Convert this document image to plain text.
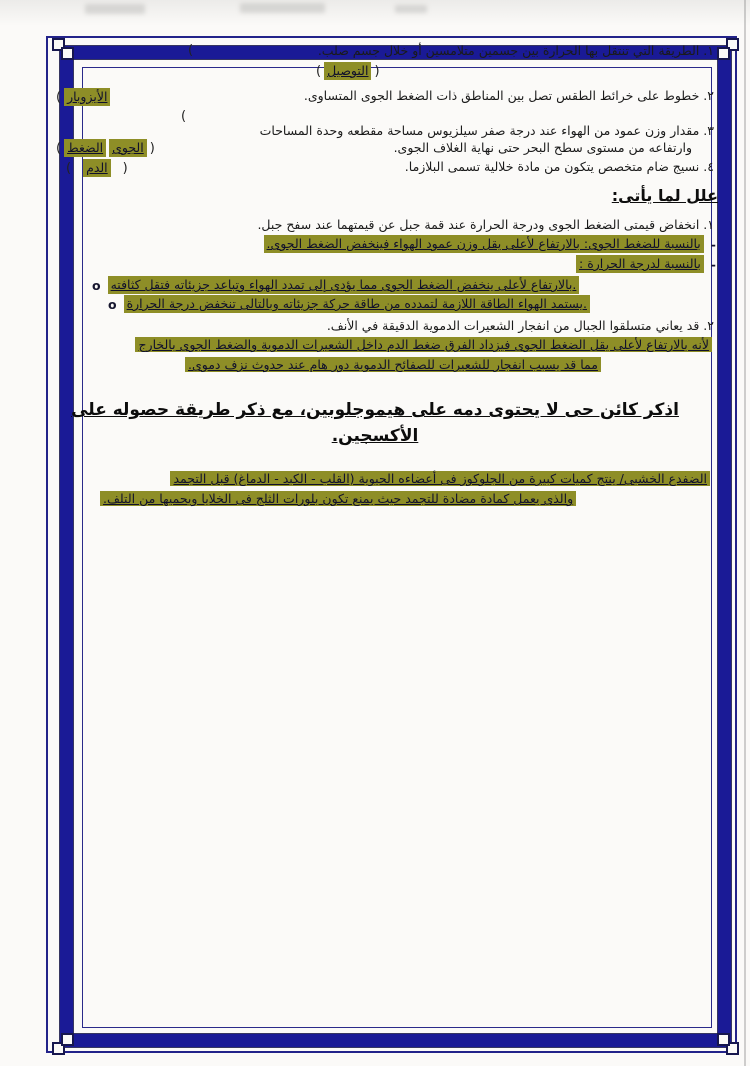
(	١.الطريقة التي تنتقل بها الحرارة بين جسمين متلامسين أو خلال جسم صلب.
( التوصيل )
٢.خطوط على خرائط الطقس تصل بين المناطق ذات الضغط الجوى المتساوى.
( الأيزوبار
(
٣.مقدار وزن عمود من الهواء عند درجة صفر سيلزيوس مساحة مقطعه وحدة المساحات
وارتفاعه من مستوى سطح البحر حتى نهاية الغلاف الجوى.
( الضغط الجوى )
٤.نسيج ضام متخصص يتكون من مادة خلالية تسمى البلازما.
( الدم )
علل لما يأتى:
١.انخفاض قيمتى الضغط الجوى ودرجة الحرارة عند قمة جبل عن قيمتهما عند سفح جبل.
-
بالنسبة للضغط الجوى: بالارتفاع لأعلى يقل وزن عمود الهواء فينخفض الضغط الجوى.
-
بالنسبة لدرجة الحرارة :
o بالارتفاع لأعلى ينخفض الضغط الجوى مما يؤدى إلى تمدد الهواء وتباعد جزيئاته فتقل كثافته.
o يستمد الهواء الطاقة اللازمة لتمدده من طاقة حركة جزيئاته وبالتالى تنخفض درجة الحرارة.
٢.قد يعاني متسلقوا الجبال من انفجار الشعيرات الدموية الدقيقة في الأنف.
لأنه بالارتفاع لأعلى يقل الضغط الجوى فيزداد الفرق ضغط الدم داخل الشعيرات الدموية والضغط الجوى بالخارج
مما قد يسبب انفجار للشعيرات للصفائح الدموية دور هام عند حدوث نزف دموى.
اذكر كائن حى لا يحتوى دمه على هيموجلوبين، مع ذكر طريقة حصوله على الأكسجين.
الضفدع الخشبى/ ينتج كميات كبيرة من الجلوكوز فى أعضاءه الحيوية (القلب - الكبد - الدماغ) قبل التجمد
والذى يعمل كمادة مضادة للتجمد حيث يمنع تكون بلورات الثلج فى الخلايا ويحميها من التلف.
